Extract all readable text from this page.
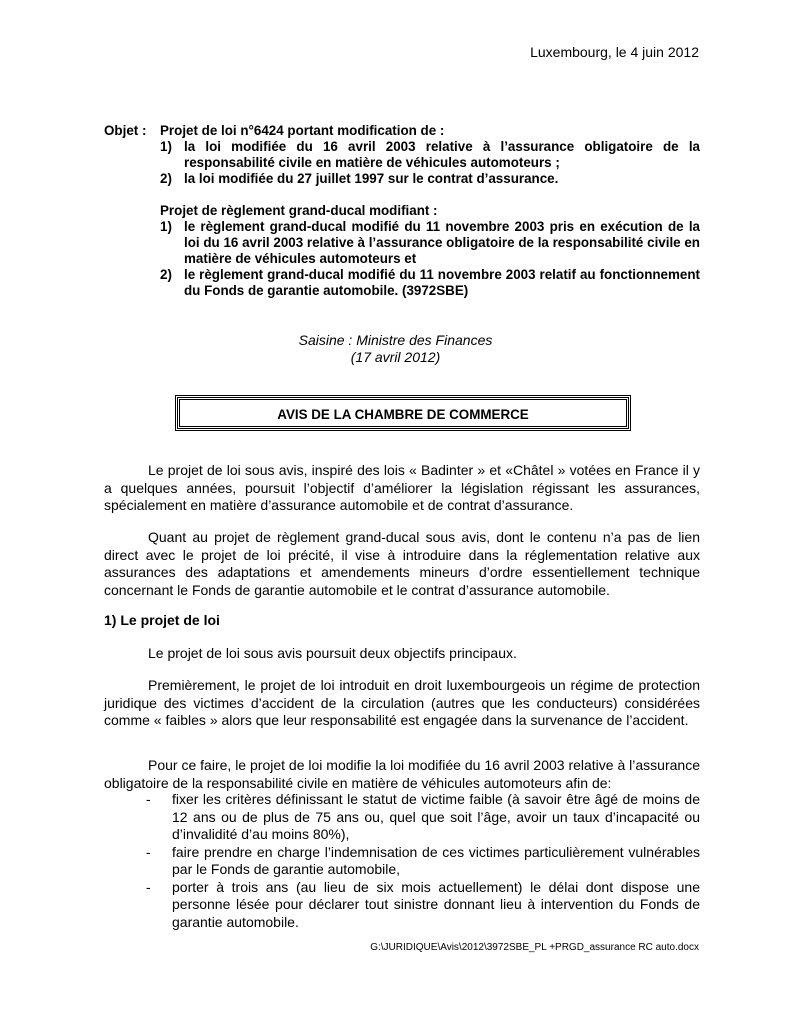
Luxembourg, le 4 juin 2012
Objet : Projet de loi n°6424 portant modification de :
1) la loi modifiée du 16 avril 2003 relative à l’assurance obligatoire de la responsabilité civile en matière de véhicules automoteurs ;
2) la loi modifiée du 27 juillet 1997 sur le contrat d’assurance.
Projet de règlement grand-ducal modifiant :
1) le règlement grand-ducal modifié du 11 novembre 2003 pris en exécution de la loi du 16 avril 2003 relative à l’assurance obligatoire de la responsabilité civile en matière de véhicules automoteurs et
2) le règlement grand-ducal modifié du 11 novembre 2003 relatif au fonctionnement du Fonds de garantie automobile. (3972SBE)
Saisine : Ministre des Finances
(17 avril 2012)
AVIS DE LA CHAMBRE DE COMMERCE
Le projet de loi sous avis, inspiré des lois « Badinter » et «Châtel » votées en France il y a quelques années, poursuit l’objectif d’améliorer la législation régissant les assurances, spécialement en matière d’assurance automobile et de contrat d’assurance.
Quant au projet de règlement grand-ducal sous avis, dont le contenu n’a pas de lien direct avec le projet de loi précité, il vise à introduire dans la réglementation relative aux assurances des adaptations et amendements mineurs d’ordre essentiellement technique concernant le Fonds de garantie automobile et le contrat d’assurance automobile.
1) Le projet de loi
Le projet de loi sous avis poursuit deux objectifs principaux.
Premièrement, le projet de loi introduit en droit luxembourgeois un régime de protection juridique des victimes d’accident de la circulation (autres que les conducteurs) considérées comme « faibles » alors que leur responsabilité est engagée dans la survenance de l’accident.
Pour ce faire, le projet de loi modifie la loi modifiée du 16 avril 2003 relative à l’assurance obligatoire de la responsabilité civile en matière de véhicules automoteurs afin de:
-	fixer les critères définissant le statut de victime faible (à savoir être âgé de moins de 12 ans ou de plus de 75 ans ou, quel que soit l’âge, avoir un taux d’incapacité ou d’invalidité d’au moins 80%),
-	faire prendre en charge l’indemnisation de ces victimes particulièrement vulnérables par le Fonds de garantie automobile,
-	porter à trois ans (au lieu de six mois actuellement) le délai dont dispose une personne lésée pour déclarer tout sinistre donnant lieu à intervention du Fonds de garantie automobile.
G:\JURIDIQUE\Avis\2012\3972SBE_PL +PRGD_assurance RC auto.docx
